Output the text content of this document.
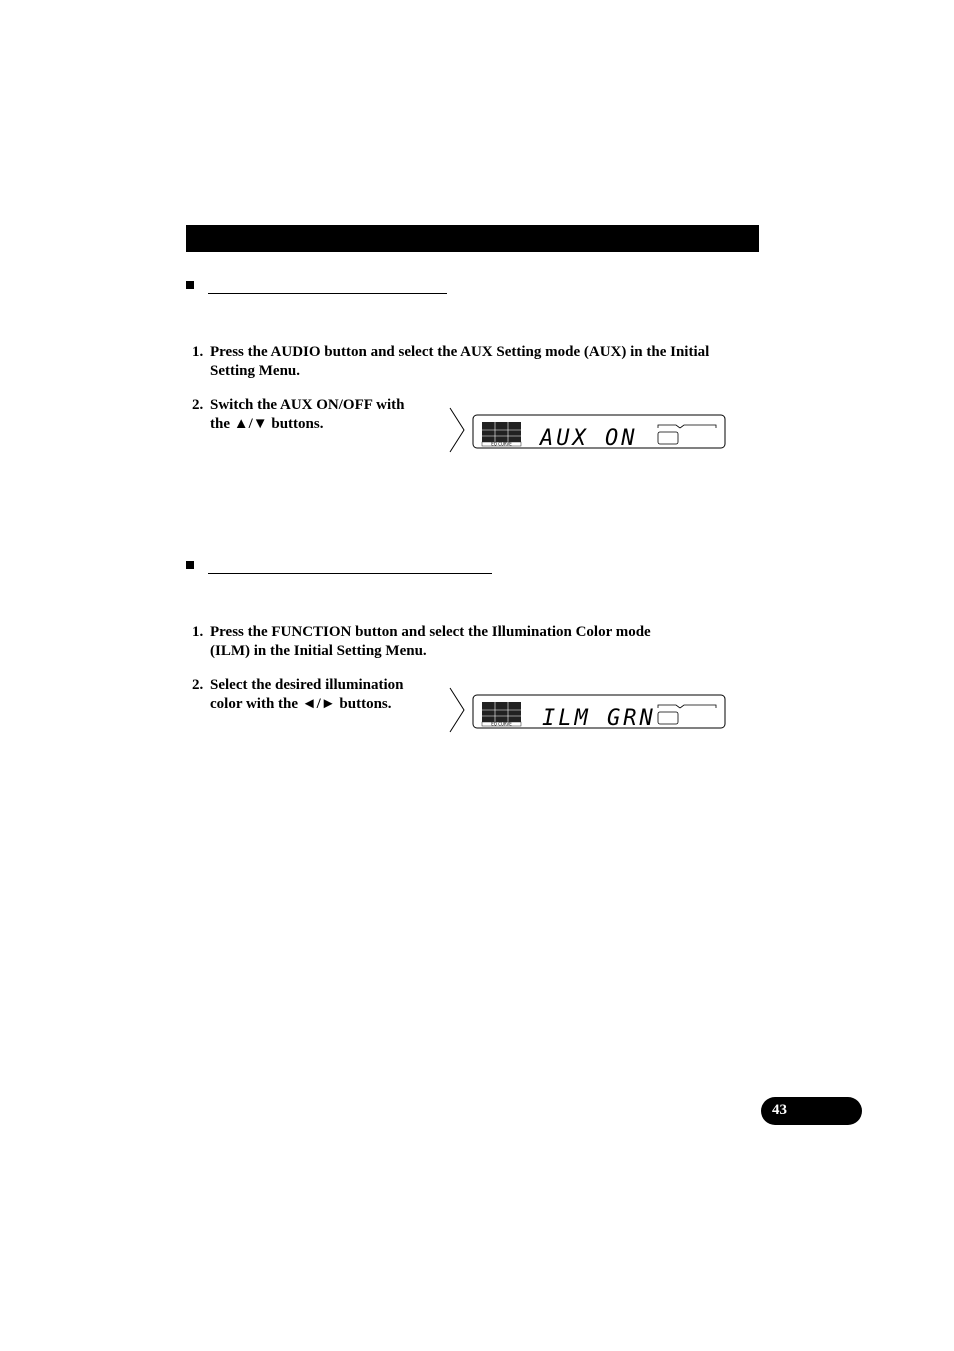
1. Press the AUDIO button and select the AUX Setting mode (AUX) in the Initial
Setting Menu.
2. Switch the AUX ON/OFF with
the ▲/▼ buttons.
EQ CURVE AUX ON
1. Press the FUNCTION button and select the Illumination Color mode
(ILM) in the Initial Setting Menu.
2. Select the desired illumination
color with the ◄/► buttons.
EQ CURVE ILM GRN
43
